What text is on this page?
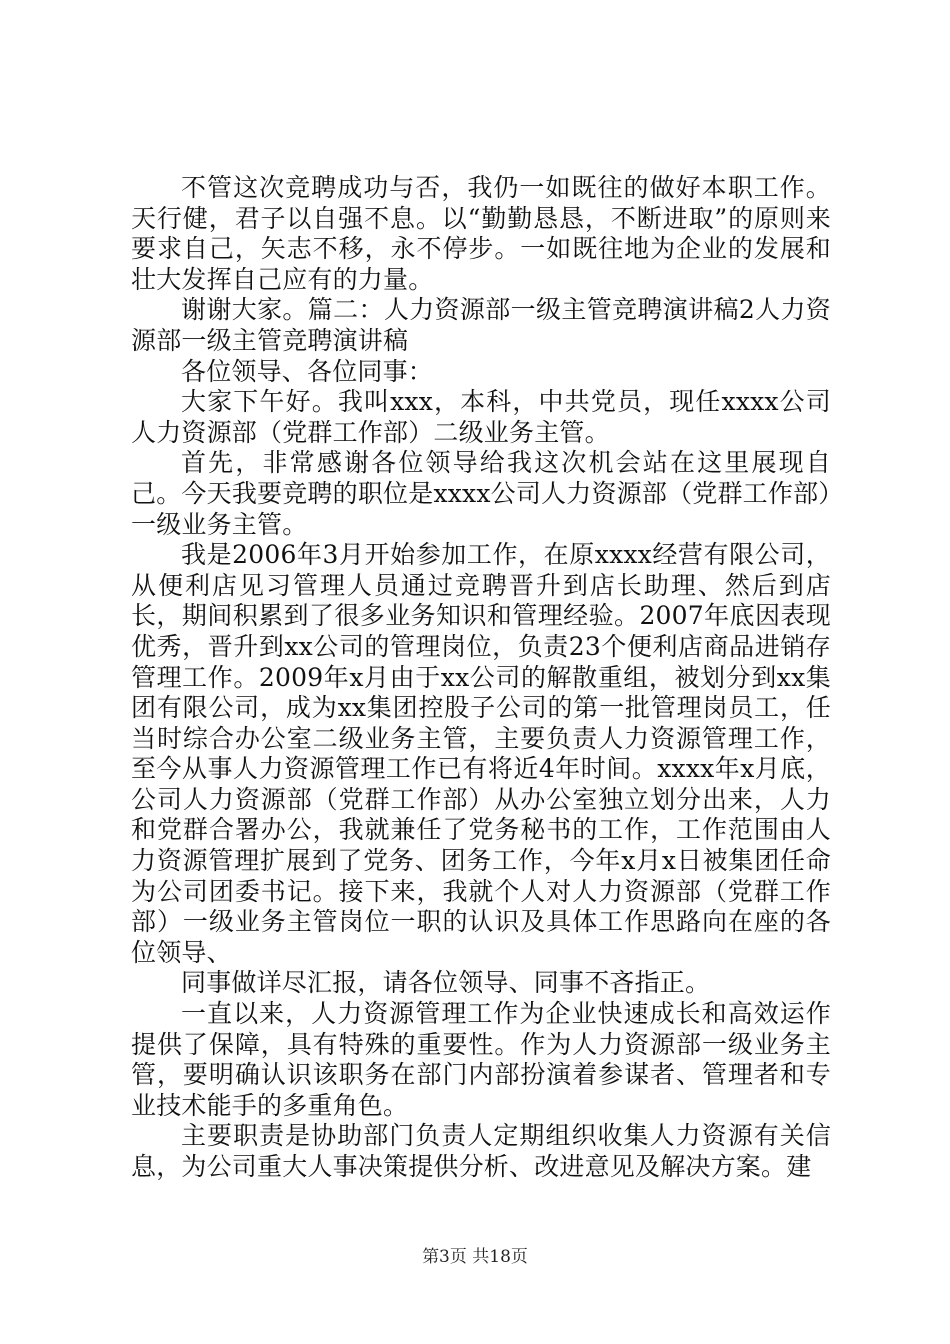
不管这次竞聘成功与否，我仍一如既往的做好本职工作。天行健，君子以自强不息。以“勤勤恳恳，不断进取”的原则来要求自己，矢志不移，永不停步。一如既往地为企业的发展和壮大发挥自己应有的力量。

谢谢大家。篇二：人力资源部一级主管竞聘演讲稿2人力资源部一级主管竞聘演讲稿

各位领导、各位同事：

大家下午好。我叫xxx，本科，中共党员，现任xxxx公司人力资源部（党群工作部）二级业务主管。

首先，非常感谢各位领导给我这次机会站在这里展现自己。今天我要竞聘的职位是xxxx公司人力资源部（党群工作部）一级业务主管。

我是2006年3月开始参加工作，在原xxxx经营有限公司，从便利店见习管理人员通过竞聘晋升到店长助理、然后到店长，期间积累到了很多业务知识和管理经验。2007年底因表现优秀，晋升到xx公司的管理岗位，负责23个便利店商品进销存管理工作。2009年x月由于xx公司的解散重组，被划分到xx集团有限公司，成为xx集团控股子公司的第一批管理岗员工，任当时综合办公室二级业务主管，主要负责人力资源管理工作，至今从事人力资源管理工作已有将近4年时间。xxxx年x月底，公司人力资源部（党群工作部）从办公室独立划分出来，人力和党群合署办公，我就兼任了党务秘书的工作，工作范围由人力资源管理扩展到了党务、团务工作，今年x月x日被集团任命为公司团委书记。接下来，我就个人对人力资源部（党群工作部）一级业务主管岗位一职的认识及具体工作思路向在座的各位领导、

同事做详尽汇报，请各位领导、同事不吝指正。

一直以来，人力资源管理工作为企业快速成长和高效运作提供了保障，具有特殊的重要性。作为人力资源部一级业务主管，要明确认识该职务在部门内部扮演着参谋者、管理者和专业技术能手的多重角色。

主要职责是协助部门负责人定期组织收集人力资源有关信息，为公司重大人事决策提供分析、改进意见及解决方案。建

第3页 共18页
